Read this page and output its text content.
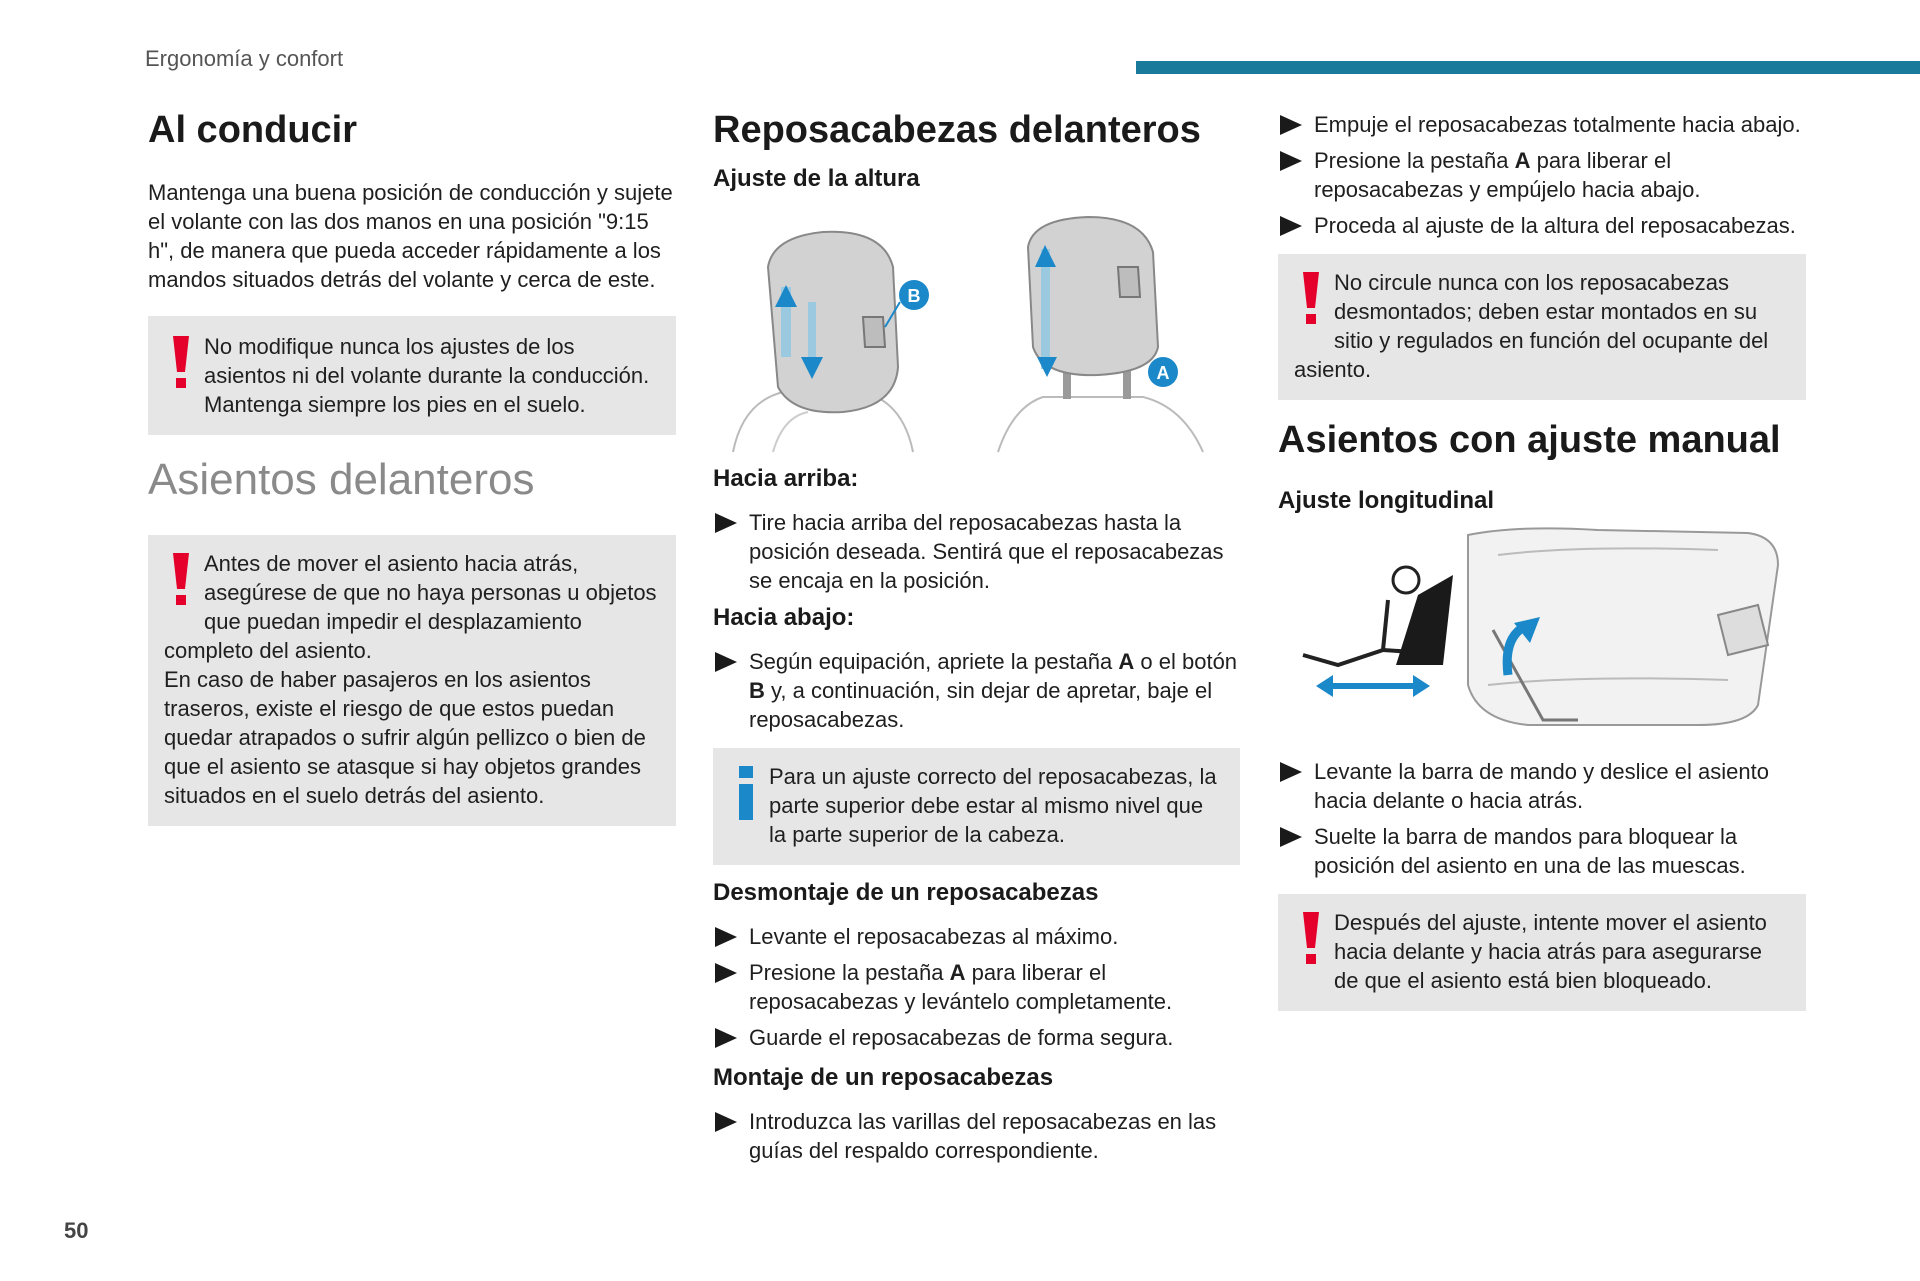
Ergonomía y confort
Al conducir

Mantenga una buena posición de conducción y sujete el volante con las dos manos en una posición "9:15 h", de manera que pueda acceder rápidamente a los mandos situados detrás del volante y cerca de este.

No modifique nunca los ajustes de los asientos ni del volante durante la conducción. Mantenga siempre los pies en el suelo.

Asientos delanteros

Antes de mover el asiento hacia atrás, asegúrese de que no haya personas u objetos que puedan impedir el desplazamiento completo del asiento.
En caso de haber pasajeros en los asientos traseros, existe el riesgo de que estos puedan quedar atrapados o sufrir algún pellizco o bien de que el asiento se atasque si hay objetos grandes situados en el suelo detrás del asiento.

Reposacabezas delanteros
Ajuste de la altura
B
A
Hacia arriba:
Tire hacia arriba del reposacabezas hasta la posición deseada. Sentirá que el reposacabezas se encaja en la posición.
Hacia abajo:
Según equipación, apriete la pestaña A o el botón B y, a continuación, sin dejar de apretar, baje el reposacabezas.

Para un ajuste correcto del reposacabezas, la parte superior debe estar al mismo nivel que la parte superior de la cabeza.

Desmontaje de un reposacabezas
Levante el reposacabezas al máximo.
Presione la pestaña A para liberar el reposacabezas y levántelo completamente.
Guarde el reposacabezas de forma segura.
Montaje de un reposacabezas
Introduzca las varillas del reposacabezas en las guías del respaldo correspondiente.
Empuje el reposacabezas totalmente hacia abajo.
Presione la pestaña A para liberar el reposacabezas y empújelo hacia abajo.
Proceda al ajuste de la altura del reposacabezas.

No circule nunca con los reposacabezas desmontados; deben estar montados en su sitio y regulados en función del ocupante del asiento.

Asientos con ajuste manual
Ajuste longitudinal
Levante la barra de mando y deslice el asiento hacia delante o hacia atrás.
Suelte la barra de mandos para bloquear la posición del asiento en una de las muescas.

Después del ajuste, intente mover el asiento hacia delante y hacia atrás para asegurarse de que el asiento está bien bloqueado.

50
